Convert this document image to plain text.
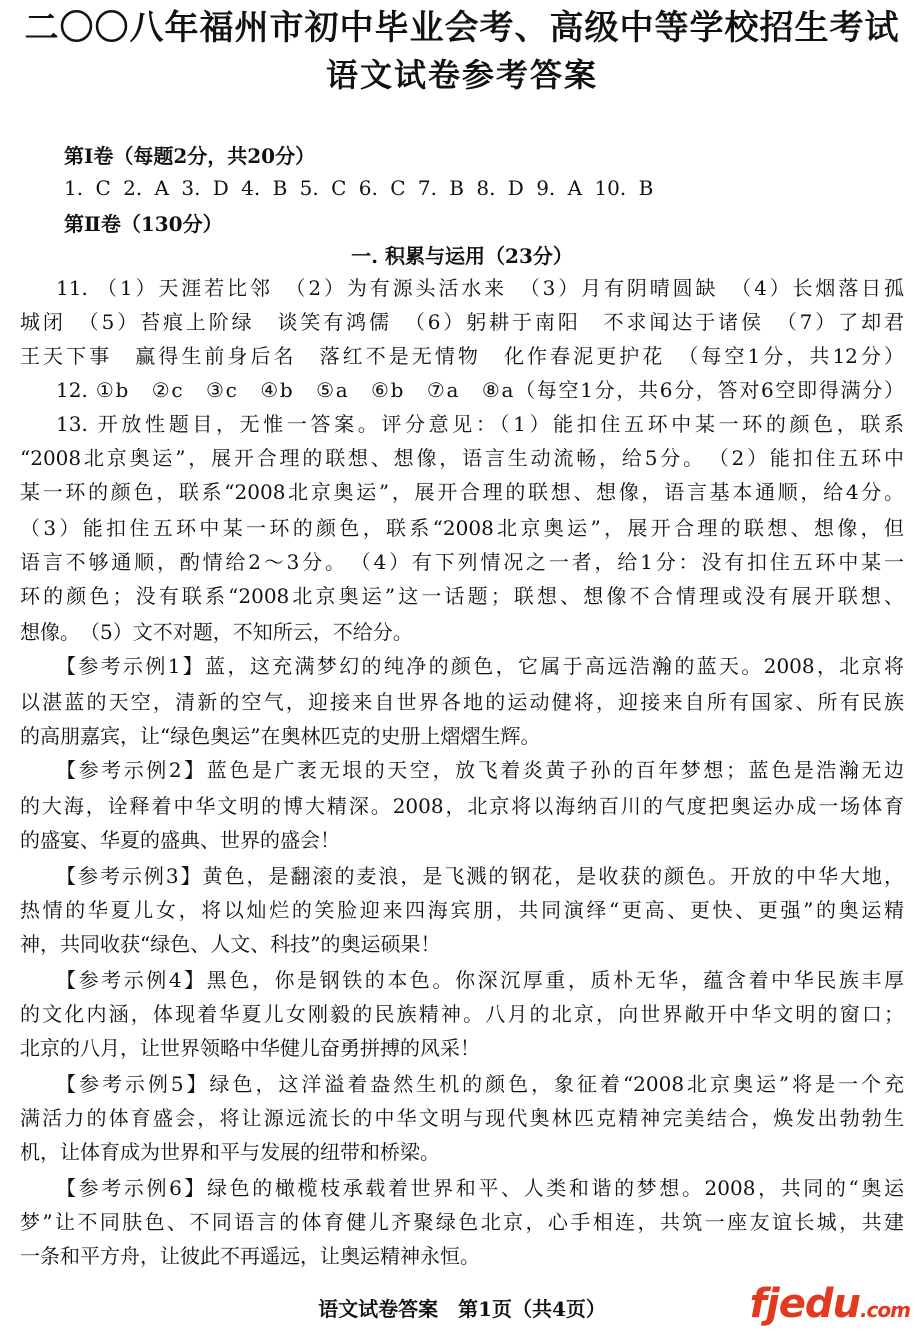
二〇〇八年福州市初中毕业会考、高级中等学校招生考试
语文试卷参考答案
第Ⅰ卷（每题2分，共20分）
1. C 2. A 3. D 4. B 5. C 6. C 7. B 8. D 9. A 10. B
第Ⅱ卷（130分）
一. 积累与运用（23分）
11. （1）天涯若比邻　（2）为有源头活水来　（3）月有阴晴圆缺　（4）长烟落日孤
城闭　（5）苔痕上阶绿　谈笑有鸿儒　（6）躬耕于南阳　不求闻达于诸侯　（7）了却君
王天下事　赢得生前身后名　落红不是无情物　化作春泥更护花　（每空1分，共12分）
12. ①b　②c　③c　④b　⑤a　⑥b　⑦a　⑧a（每空1分，共6分，答对6空即得满分）
13. 开放性题目，无惟一答案。评分意见：（1）能扣住五环中某一环的颜色，联系
“2008北京奥运”，展开合理的联想、想像，语言生动流畅，给5分。　（2）能扣住五环中
某一环的颜色，联系“2008北京奥运”，展开合理的联想、想像，语言基本通顺，给4分。
（3）能扣住五环中某一环的颜色，联系“2008北京奥运”，展开合理的联想、想像，但
语言不够通顺，酌情给2～3分。　（4）有下列情况之一者，给1分：没有扣住五环中某一
环的颜色；没有联系“2008北京奥运”这一话题；联想、想像不合情理或没有展开联想、
想像。　（5）文不对题，不知所云，不给分。
【参考示例1】蓝，这充满梦幻的纯净的颜色，它属于高远浩瀚的蓝天。2008，北京将
以湛蓝的天空，清新的空气，迎接来自世界各地的运动健将，迎接来自所有国家、所有民族
的高朋嘉宾，让“绿色奥运”在奥林匹克的史册上熠熠生辉。
【参考示例2】蓝色是广袤无垠的天空，放飞着炎黄子孙的百年梦想；蓝色是浩瀚无边
的大海，诠释着中华文明的博大精深。2008，北京将以海纳百川的气度把奥运办成一场体育
的盛宴、华夏的盛典、世界的盛会！
【参考示例3】黄色，是翻滚的麦浪，是飞溅的钢花，是收获的颜色。开放的中华大地，
热情的华夏儿女，将以灿烂的笑脸迎来四海宾朋，共同演绎“更高、更快、更强”的奥运精
神，共同收获“绿色、人文、科技”的奥运硕果！
【参考示例4】黑色，你是钢铁的本色。你深沉厚重，质朴无华，蕴含着中华民族丰厚
的文化内涵，体现着华夏儿女刚毅的民族精神。八月的北京，向世界敞开中华文明的窗口；
北京的八月，让世界领略中华健儿奋勇拼搏的风采！
【参考示例5】绿色，这洋溢着盎然生机的颜色，象征着“2008北京奥运”将是一个充
满活力的体育盛会，将让源远流长的中华文明与现代奥林匹克精神完美结合，焕发出勃勃生
机，让体育成为世界和平与发展的纽带和桥梁。
【参考示例6】绿色的橄榄枝承载着世界和平、人类和谐的梦想。2008，共同的“奥运
梦”让不同肤色、不同语言的体育健儿齐聚绿色北京，心手相连，共筑一座友谊长城，共建
一条和平方舟，让彼此不再遥远，让奥运精神永恒。
语文试卷答案　第1页（共4页）	fjedu.com
